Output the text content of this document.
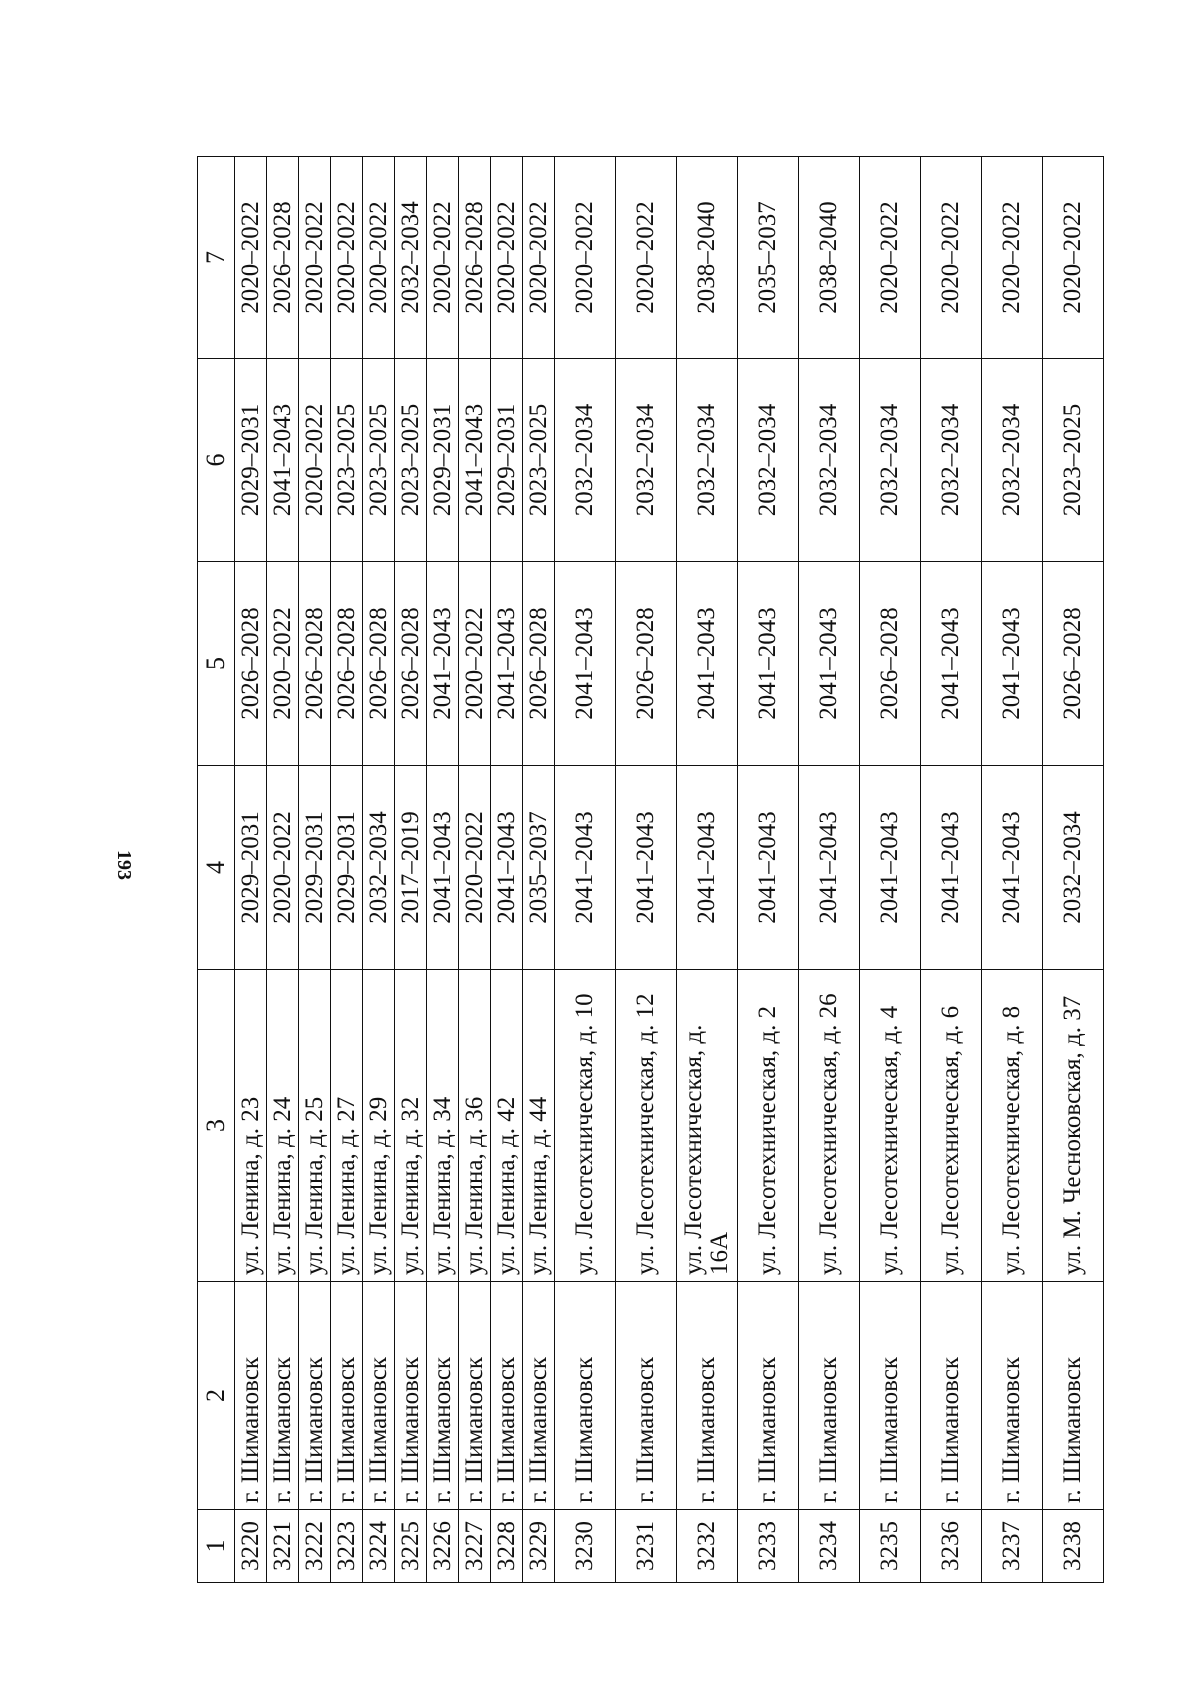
193
1	2	3	4	5	6	7
3220	г. Шимановск	ул. Ленина, д. 23	2029–2031	2026–2028	2029–2031	2020–2022
3221	г. Шимановск	ул. Ленина, д. 24	2020–2022	2020–2022	2041–2043	2026–2028
3222	г. Шимановск	ул. Ленина, д. 25	2029–2031	2026–2028	2020–2022	2020–2022
3223	г. Шимановск	ул. Ленина, д. 27	2029–2031	2026–2028	2023–2025	2020–2022
3224	г. Шимановск	ул. Ленина, д. 29	2032–2034	2026–2028	2023–2025	2020–2022
3225	г. Шимановск	ул. Ленина, д. 32	2017–2019	2026–2028	2023–2025	2032–2034
3226	г. Шимановск	ул. Ленина, д. 34	2041–2043	2041–2043	2029–2031	2020–2022
3227	г. Шимановск	ул. Ленина, д. 36	2020–2022	2020–2022	2041–2043	2026–2028
3228	г. Шимановск	ул. Ленина, д. 42	2041–2043	2041–2043	2029–2031	2020–2022
3229	г. Шимановск	ул. Ленина, д. 44	2035–2037	2026–2028	2023–2025	2020–2022
3230	г. Шимановск	ул. Лесотехническая, д. 10	2041–2043	2041–2043	2032–2034	2020–2022
3231	г. Шимановск	ул. Лесотехническая, д. 12	2041–2043	2026–2028	2032–2034	2020–2022
3232	г. Шимановск	ул. Лесотехническая, д. 16А	2041–2043	2041–2043	2032–2034	2038–2040
3233	г. Шимановск	ул. Лесотехническая, д. 2	2041–2043	2041–2043	2032–2034	2035–2037
3234	г. Шимановск	ул. Лесотехническая, д. 26	2041–2043	2041–2043	2032–2034	2038–2040
3235	г. Шимановск	ул. Лесотехническая, д. 4	2041–2043	2026–2028	2032–2034	2020–2022
3236	г. Шимановск	ул. Лесотехническая, д. 6	2041–2043	2041–2043	2032–2034	2020–2022
3237	г. Шимановск	ул. Лесотехническая, д. 8	2041–2043	2041–2043	2032–2034	2020–2022
3238	г. Шимановск	ул. М. Чесноковская, д. 37	2032–2034	2026–2028	2023–2025	2020–2022
